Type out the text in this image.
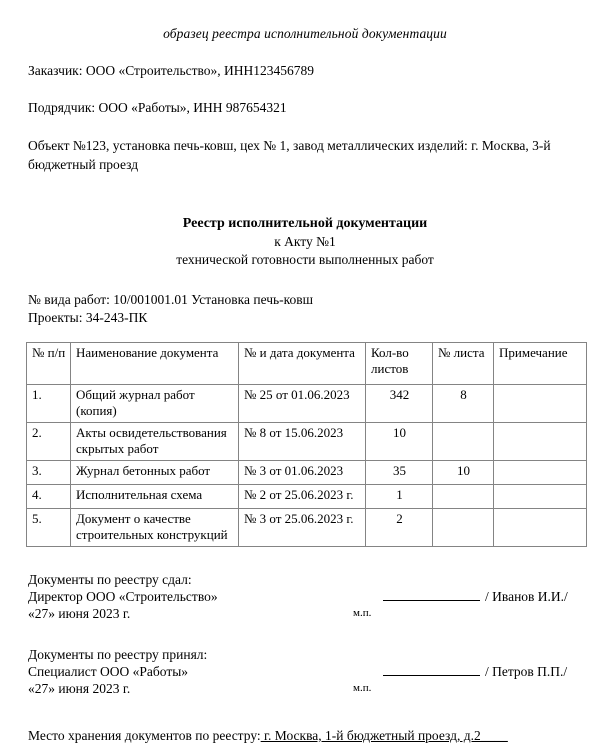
образец реестра исполнительной документации
Заказчик: ООО «Строительство», ИНН123456789
Подрядчик: ООО «Работы», ИНН 987654321
Объект №123, установка печь-ковш, цех № 1, завод металлических изделий: г. Москва, 3-й бюджетный проезд
Реестр исполнительной документации
к Акту №1
технической готовности выполненных работ
№ вида работ: 10/001001.01 Установка печь-ковш
Проекты: 34-243-ПК
№ п/п	Наименование документа	№ и дата документа	Кол-во листов	№ листа	Примечание
1.	Общий журнал работ (копия)	№ 25 от 01.06.2023	342	8	
2.	Акты освидетельствования скрытых работ	№ 8 от 15.06.2023	10		
3.	Журнал бетонных работ	№ 3 от 01.06.2023	35	10	
4.	Исполнительная схема	№ 2 от 25.06.2023 г.	1		
5.	Документ о качестве строительных конструкций	№ 3 от 25.06.2023 г.	2		
Документы по реестру сдал:
Директор ООО «Строительство»	/ Иванов И.И./
«27» июня 2023 г.	м.п.
Документы по реестру принял:
Специалист ООО «Работы»	/ Петров П.П./
«27» июня 2023 г.	м.п.
Место хранения документов по реестру: г. Москва, 1-й бюджетный проезд, д.2____
